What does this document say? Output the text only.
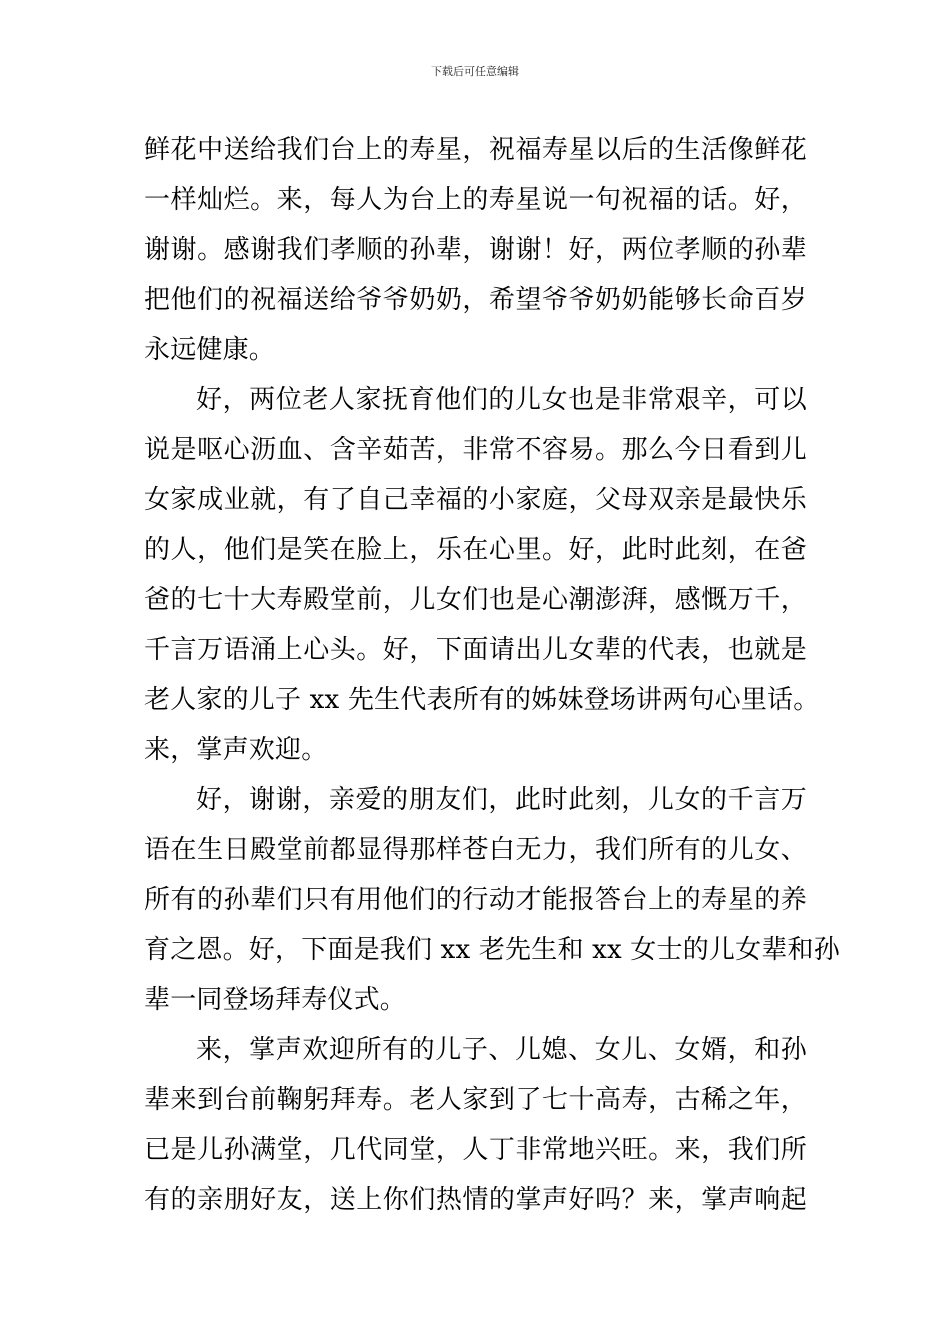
下载后可任意编辑
鲜花中送给我们台上的寿星，祝福寿星以后的生活像鲜花
一样灿烂。来，每人为台上的寿星说一句祝福的话。好，
谢谢。感谢我们孝顺的孙辈，谢谢！好，两位孝顺的孙辈
把他们的祝福送给爷爷奶奶，希望爷爷奶奶能够长命百岁
永远健康。
好，两位老人家抚育他们的儿女也是非常艰辛，可以
说是呕心沥血、含辛茹苦，非常不容易。那么今日看到儿
女家成业就，有了自己幸福的小家庭，父母双亲是最快乐
的人，他们是笑在脸上，乐在心里。好，此时此刻，在爸
爸的七十大寿殿堂前，儿女们也是心潮澎湃，感慨万千，
千言万语涌上心头。好，下面请出儿女辈的代表，也就是
老人家的儿子 xx 先生代表所有的姊妹登场讲两句心里话。
来，掌声欢迎。
好，谢谢，亲爱的朋友们，此时此刻，儿女的千言万
语在生日殿堂前都显得那样苍白无力，我们所有的儿女、
所有的孙辈们只有用他们的行动才能报答台上的寿星的养
育之恩。好，下面是我们 xx 老先生和 xx 女士的儿女辈和孙
辈一同登场拜寿仪式。
来，掌声欢迎所有的儿子、儿媳、女儿、女婿，和孙
辈来到台前鞠躬拜寿。老人家到了七十高寿，古稀之年，
已是儿孙满堂，几代同堂，人丁非常地兴旺。来，我们所
有的亲朋好友，送上你们热情的掌声好吗？来，掌声响起
